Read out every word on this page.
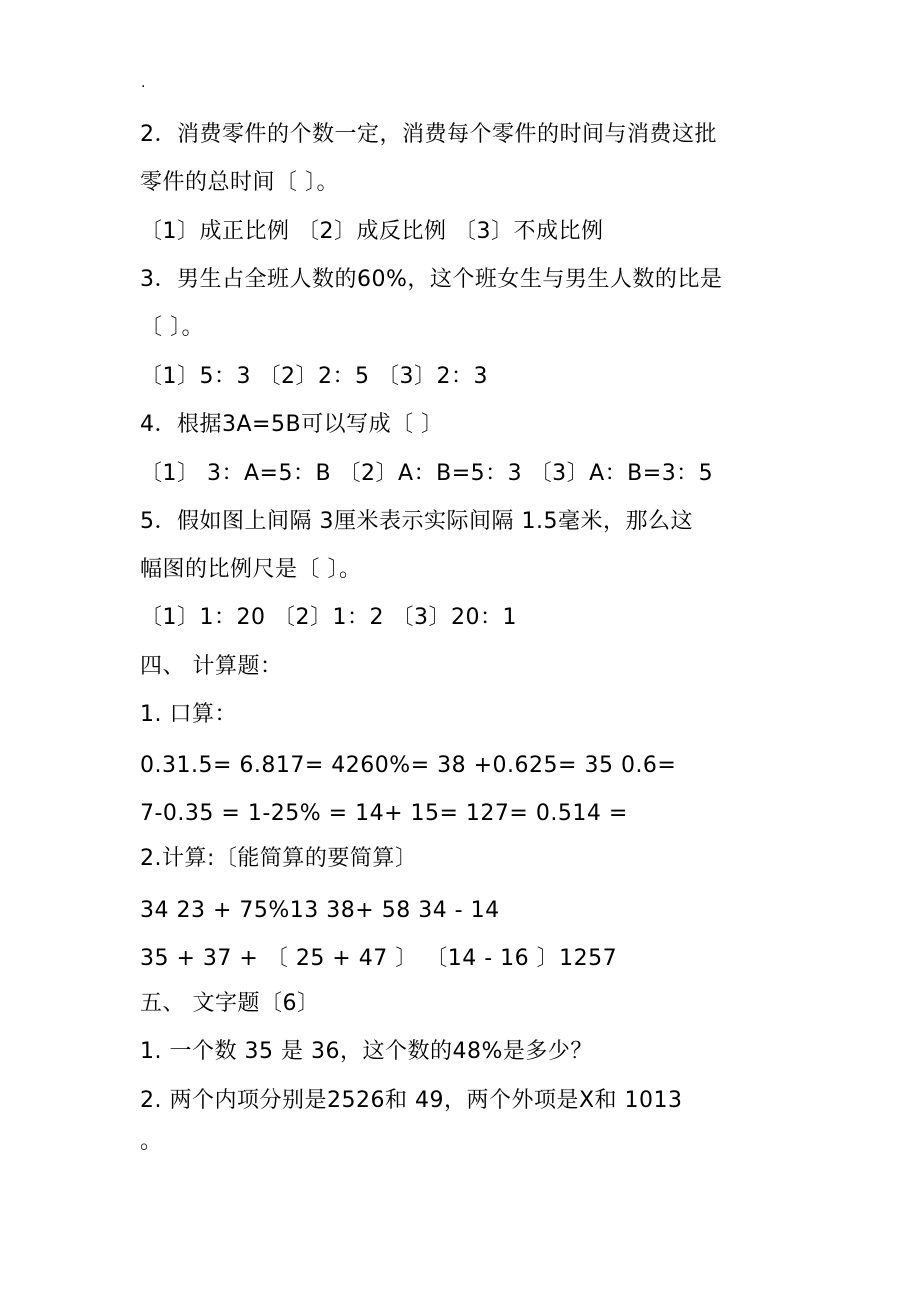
.
2．消费零件的个数一定，消费每个零件的时间与消费这批
零件的总时间〔 〕。
〔1〕成正比例 〔2〕成反比例 〔3〕不成比例
3．男生占全班人数的60%，这个班女生与男生人数的比是
〔 〕。
〔1〕5：3 〔2〕2：5 〔3〕2：3
4．根据3A=5B可以写成〔 〕
〔1〕 3：A=5：B 〔2〕A：B=5：3 〔3〕A：B=3：5
5．假如图上间隔 3厘米表示实际间隔 1.5毫米，那么这
幅图的比例尺是〔 〕。
〔1〕1：20 〔2〕1：2 〔3〕20：1
四、 计算题：
1. 口算：
0.31.5= 6.817= 4260%= 38 +0.625= 35 0.6=
7-0.35 = 1-25% = 14+ 15= 127= 0.514 =
2.计算:〔能简算的要简算〕
34 23 + 75%13 38+ 58 34 - 14
35 + 37 + 〔 25 + 47 〕 〔14 - 16 〕1257
五、 文字题〔6〕
1. 一个数 35 是 36，这个数的48%是多少？
2. 两个内项分别是2526和 49，两个外项是X和 1013
。
